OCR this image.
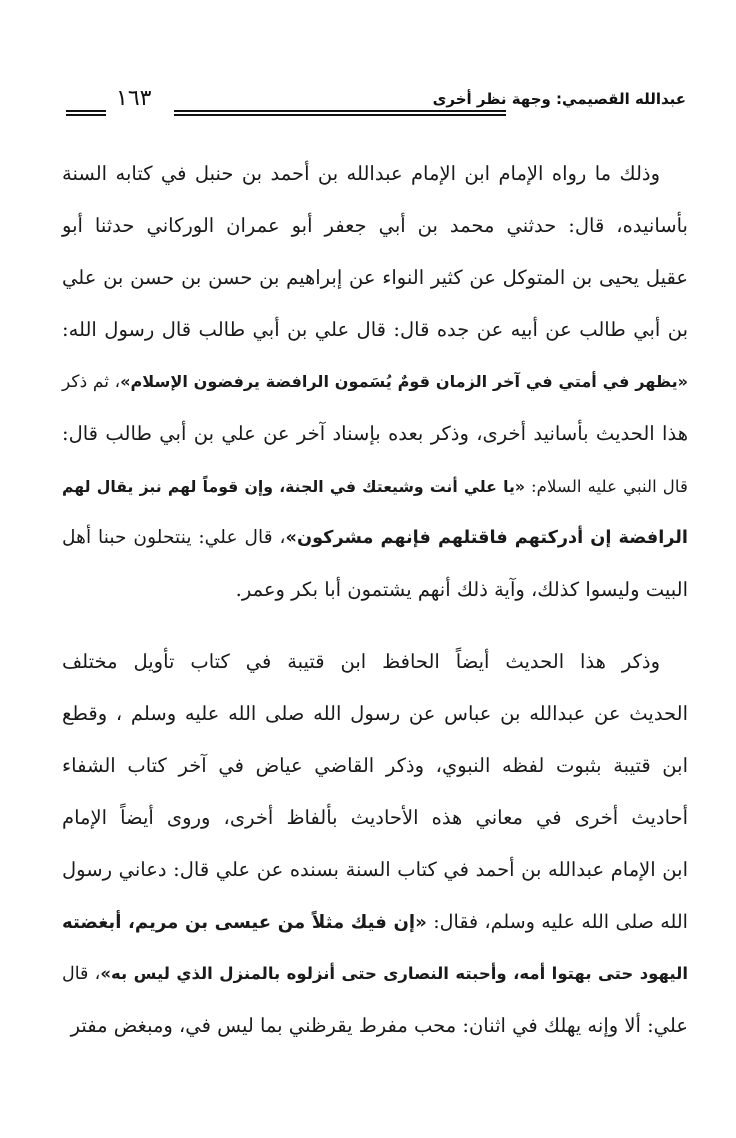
١٦٣	عبدالله القصيمي: وجهة نظر أخرى
وذلك ما رواه الإمام ابن الإمام عبدالله بن أحمد بن حنبل في كتابه السنة
بأسانيده، قال: حدثني محمد بن أبي جعفر أبو عمران الوركاني حدثنا أبو
عقيل يحيى بن المتوكل عن كثير النواء عن إبراهيم بن حسن بن حسن بن علي
بن أبي طالب عن أبيه عن جده قال: قال علي بن أبي طالب قال رسول الله:
«يظهر في أمتي في آخر الزمان قومٌ يُسَمون الرافضة يرفضون الإسلام»، ثم ذكر
هذا الحديث بأسانيد أخرى، وذكر بعده بإسناد آخر عن علي بن أبي طالب قال:
قال النبي عليه السلام: «يا علي أنت وشيعتك في الجنة، وإن قوماً لهم نبز يقال لهم
الرافضة إن أدركتهم فاقتلهم فإنهم مشركون»، قال علي: ينتحلون حبنا أهل
البيت وليسوا كذلك، وآية ذلك أنهم يشتمون أبا بكر وعمر.
وذكر هذا الحديث أيضاً الحافظ ابن قتيبة في كتاب تأويل مختلف
الحديث عن عبدالله بن عباس عن رسول الله صلى الله عليه وسلم ، وقطع
ابن قتيبة بثبوت لفظه النبوي، وذكر القاضي عياض في آخر كتاب الشفاء
أحاديث أخرى في معاني هذه الأحاديث بألفاظ أخرى، وروى أيضاً الإمام
ابن الإمام عبدالله بن أحمد في كتاب السنة بسنده عن علي قال: دعاني رسول
الله صلى الله عليه وسلم، فقال: «إن فيك مثلاً من عيسى بن مريم، أبغضته
اليهود حتى بهتوا أمه، وأحبته النصارى حتى أنزلوه بالمنزل الذي ليس به»، قال
علي: ألا وإنه يهلك في اثنان: محب مفرط يقرظني بما ليس في، ومبغض مفتر
